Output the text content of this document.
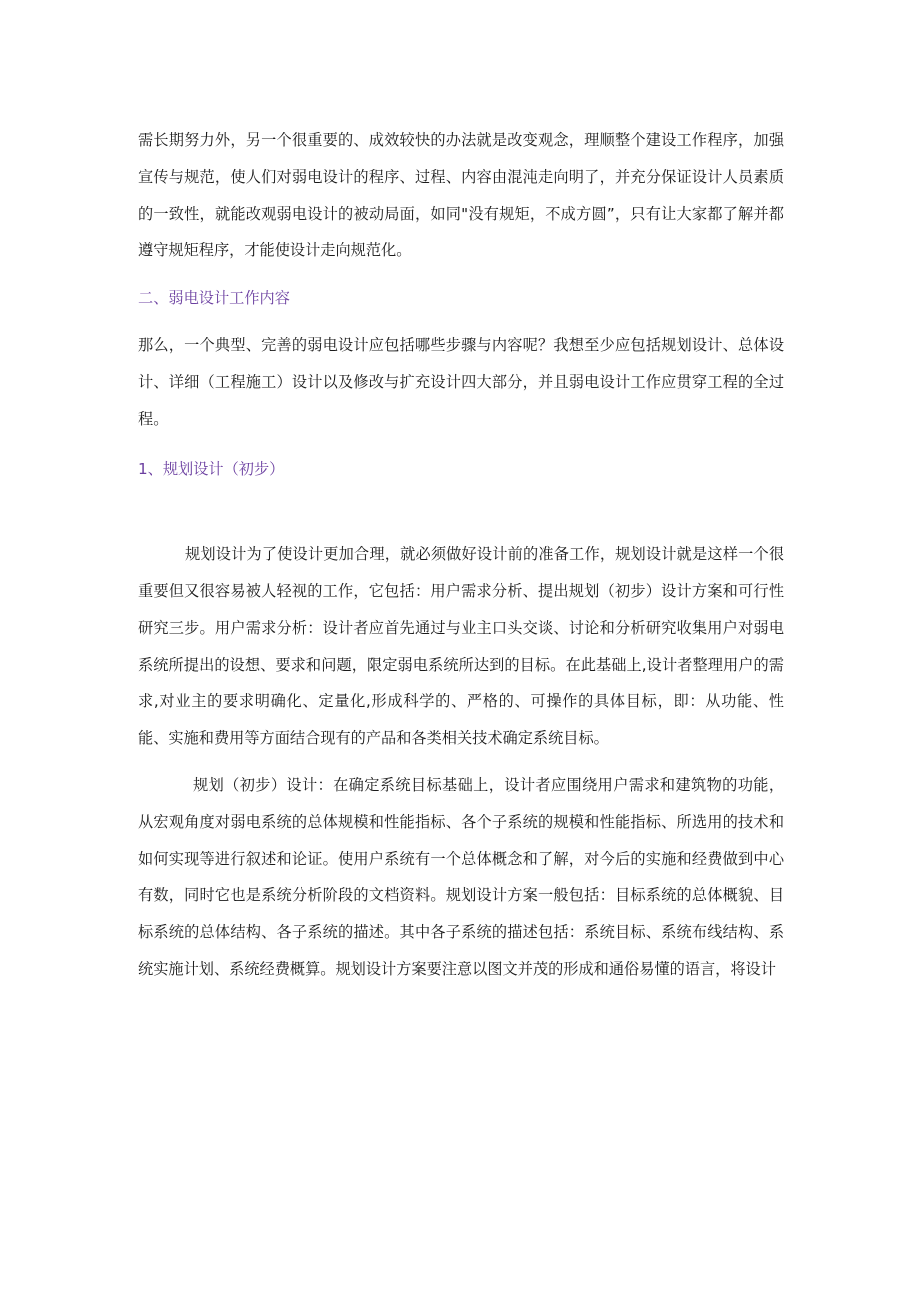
需长期努力外，另一个很重要的、成效较快的办法就是改变观念，理顺整个建设工作程序，加强宣传与规范，使人们对弱电设计的程序、过程、内容由混沌走向明了，并充分保证设计人员素质的一致性，就能改观弱电设计的被动局面，如同"没有规矩，不成方圆”，只有让大家都了解并都遵守规矩程序，才能使设计走向规范化。

二、弱电设计工作内容

那么，一个典型、完善的弱电设计应包括哪些步骤与内容呢？我想至少应包括规划设计、总体设计、详细（工程施工）设计以及修改与扩充设计四大部分，并且弱电设计工作应贯穿工程的全过程。

1、规划设计（初步）

规划设计为了使设计更加合理，就必须做好设计前的准备工作，规划设计就是这样一个很重要但又很容易被人轻视的工作，它包括：用户需求分析、提出规划（初步）设计方案和可行性研究三步。用户需求分析：设计者应首先通过与业主口头交谈、讨论和分析研究收集用户对弱电系统所提出的设想、要求和问题，限定弱电系统所达到的目标。在此基础上,设计者整理用户的需求,对业主的要求明确化、定量化,形成科学的、严格的、可操作的具体目标，即：从功能、性能、实施和费用等方面结合现有的产品和各类相关技术确定系统目标。

规划（初步）设计：在确定系统目标基础上，设计者应围绕用户需求和建筑物的功能，从宏观角度对弱电系统的总体规模和性能指标、各个子系统的规模和性能指标、所选用的技术和如何实现等进行叙述和论证。使用户系统有一个总体概念和了解，对今后的实施和经费做到中心有数，同时它也是系统分析阶段的文档资料。规划设计方案一般包括：目标系统的总体概貌、目标系统的总体结构、各子系统的描述。其中各子系统的描述包括：系统目标、系统布线结构、系统实施计划、系统经费概算。规划设计方案要注意以图文并茂的形成和通俗易懂的语言，将设计
